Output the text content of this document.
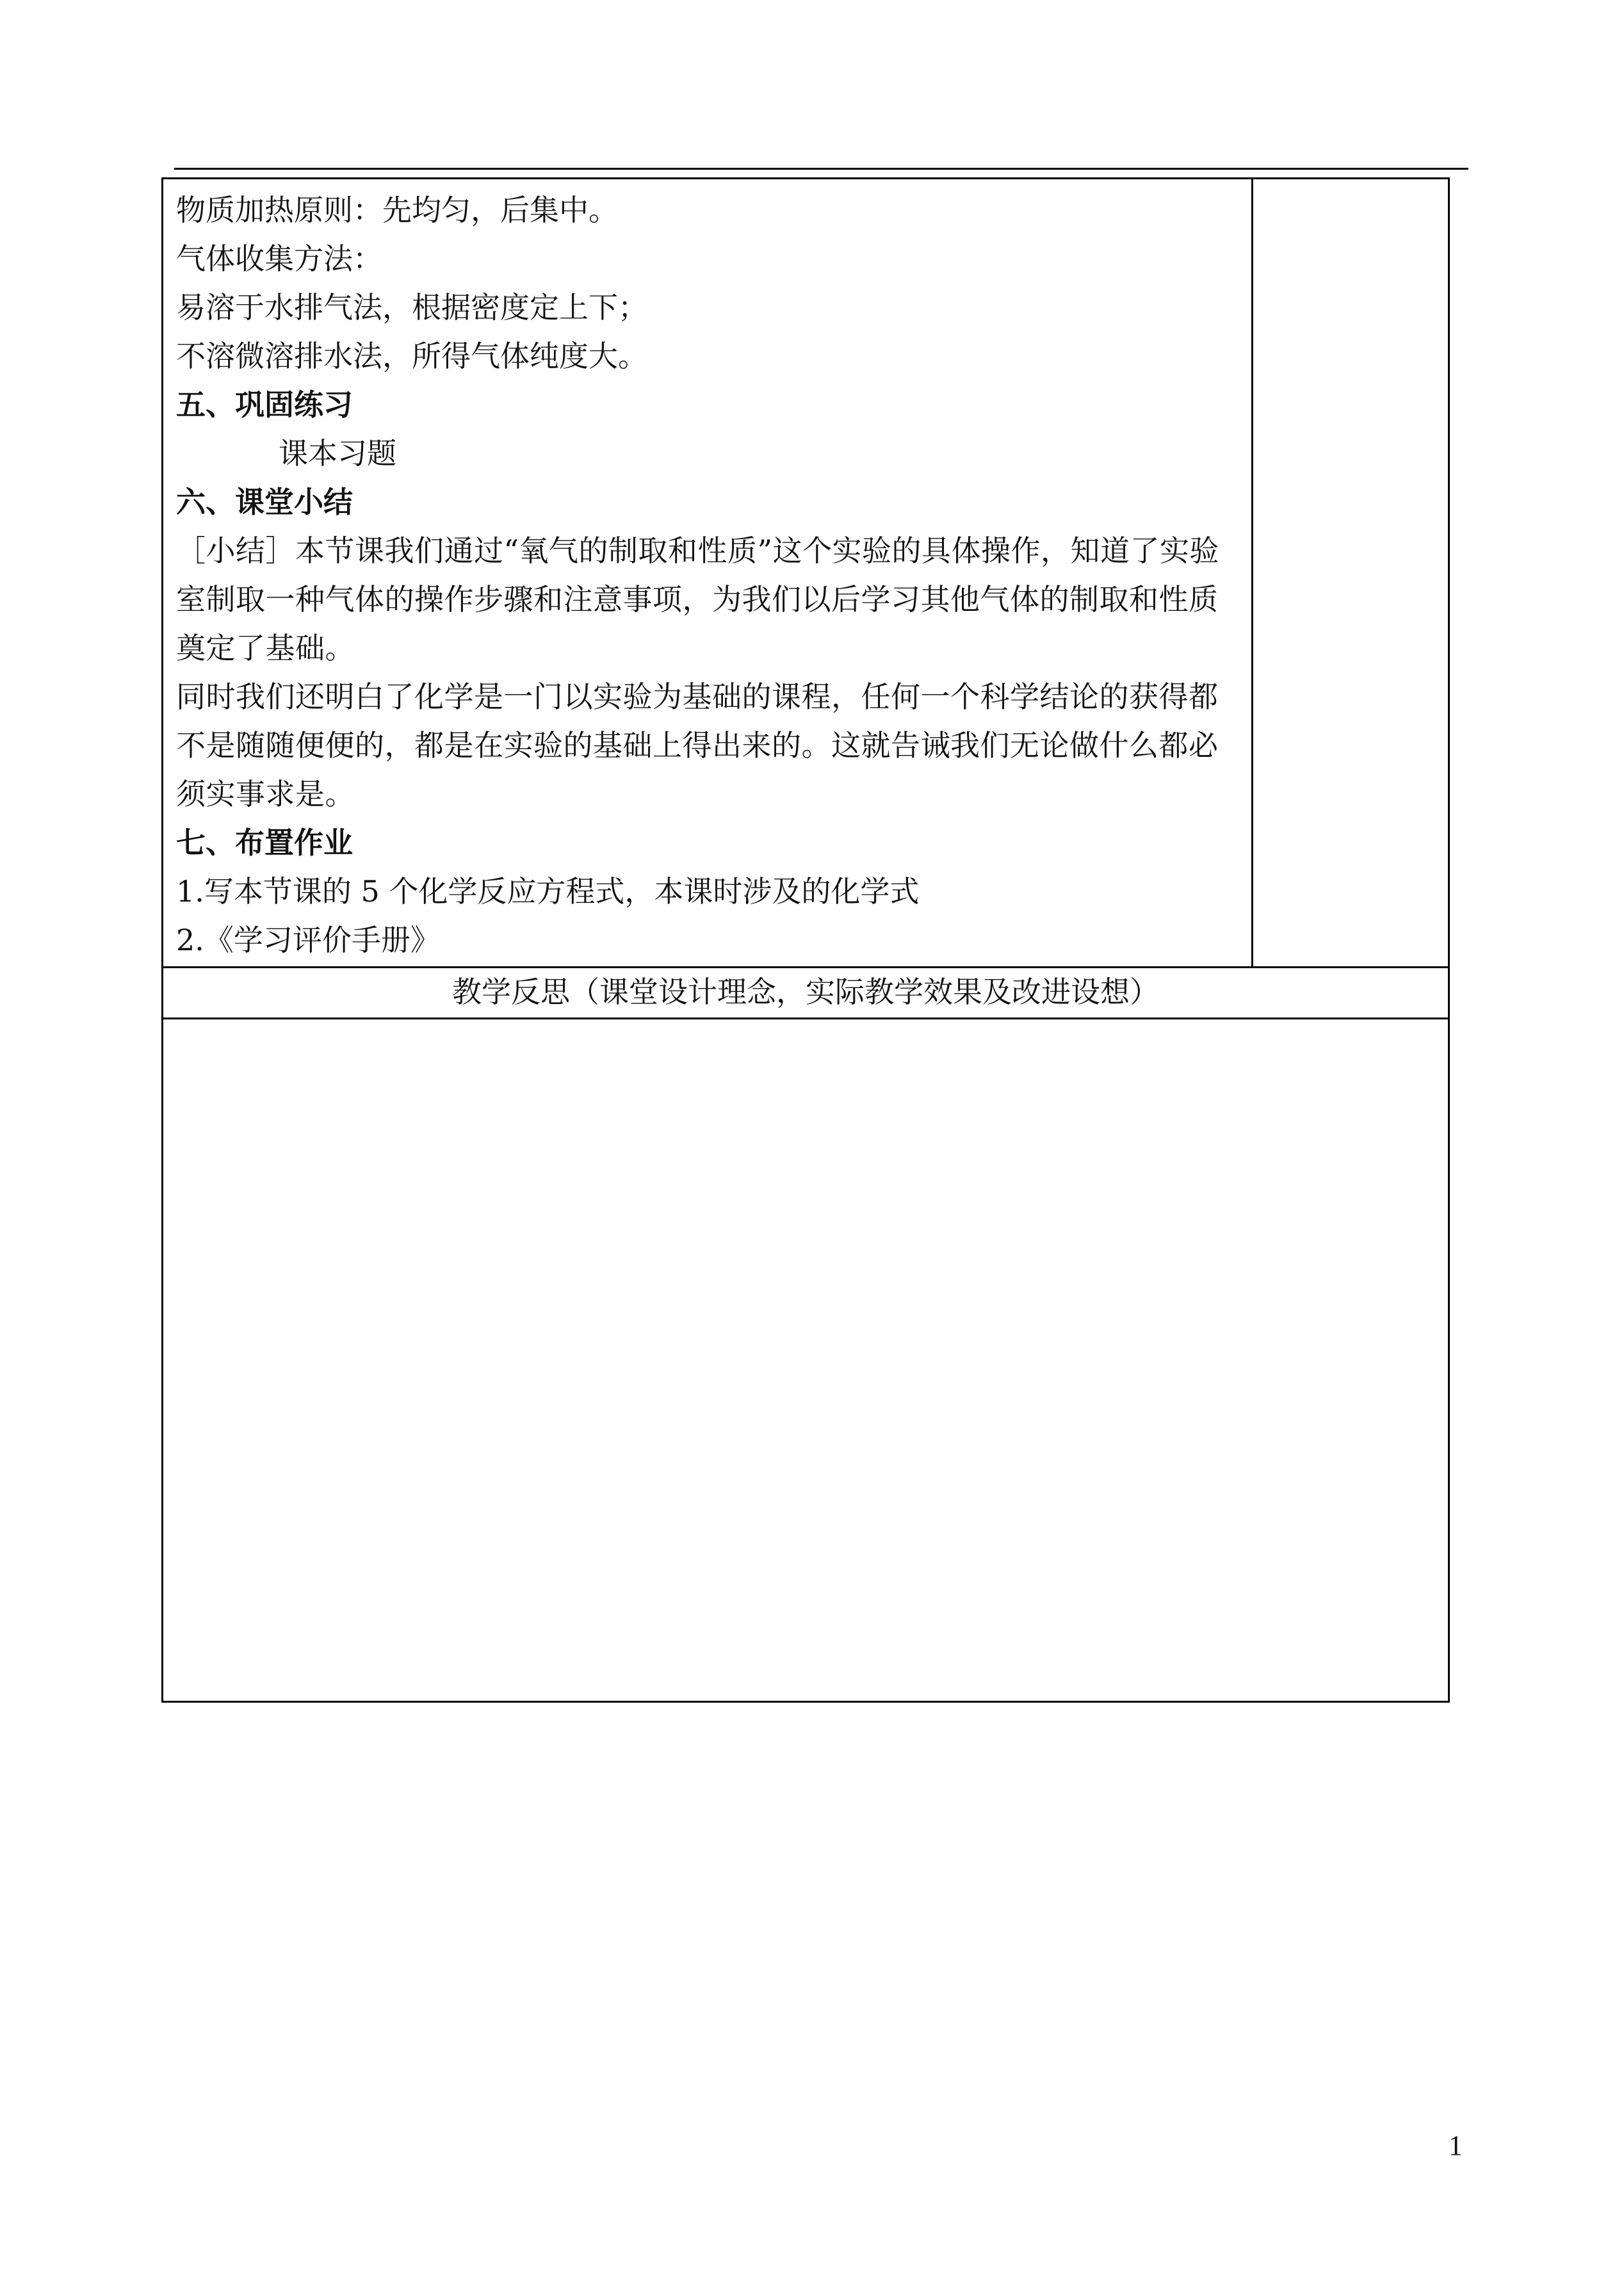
物质加热原则：先均匀，后集中。

气体收集方法：

易溶于水排气法，根据密度定上下；

不溶微溶排水法，所得气体纯度大。

五、巩固练习

课本习题

六、课堂小结

［小结］本节课我们通过“氧气的制取和性质”这个实验的具体操作，知道了实验室制取一种气体的操作步骤和注意事项，为我们以后学习其他气体的制取和性质奠定了基础。

同时我们还明白了化学是一门以实验为基础的课程，任何一个科学结论的获得都不是随随便便的，都是在实验的基础上得出来的。这就告诫我们无论做什么都必须实事求是。

七、布置作业

1.写本节课的 5 个化学反应方程式，本课时涉及的化学式

2.《学习评价手册》

教学反思（课堂设计理念，实际教学效果及改进设想）
1
